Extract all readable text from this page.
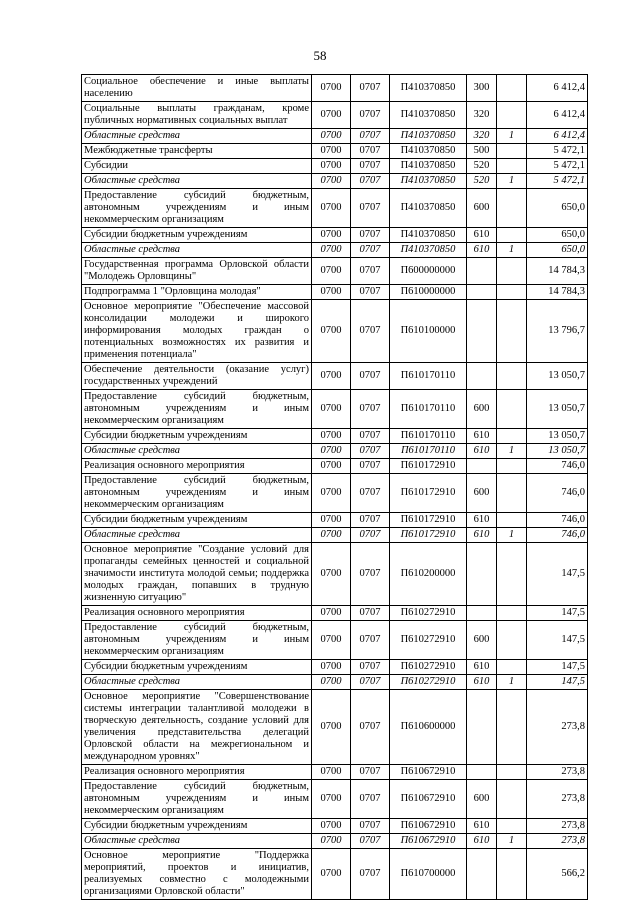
58
Социальное обеспечение и иные выплаты населению	0700	0707	П410370850	300		6 412,4
Социальные выплаты гражданам, кроме публичных нормативных социальных выплат	0700	0707	П410370850	320		6 412,4
Областные средства	0700	0707	П410370850	320	1	6 412,4
Межбюджетные трансферты	0700	0707	П410370850	500		5 472,1
Субсидии	0700	0707	П410370850	520		5 472,1
Областные средства	0700	0707	П410370850	520	1	5 472,1
Предоставление субсидий бюджетным, автономным учреждениям и иным некоммерческим организациям	0700	0707	П410370850	600		650,0
Субсидии бюджетным учреждениям	0700	0707	П410370850	610		650,0
Областные средства	0700	0707	П410370850	610	1	650,0
Государственная программа Орловской области "Молодежь Орловщины"	0700	0707	П600000000			14 784,3
Подпрограмма 1 "Орловщина молодая"	0700	0707	П610000000			14 784,3
Основное мероприятие "Обеспечение массовой консолидации молодежи и широкого информирования молодых граждан о потенциальных возможностях их развития и применения потенциала"	0700	0707	П610100000			13 796,7
Обеспечение деятельности (оказание услуг) государственных учреждений	0700	0707	П610170110			13 050,7
Предоставление субсидий бюджетным, автономным учреждениям и иным некоммерческим организациям	0700	0707	П610170110	600		13 050,7
Субсидии бюджетным учреждениям	0700	0707	П610170110	610		13 050,7
Областные средства	0700	0707	П610170110	610	1	13 050,7
Реализация основного мероприятия	0700	0707	П610172910			746,0
Предоставление субсидий бюджетным, автономным учреждениям и иным некоммерческим организациям	0700	0707	П610172910	600		746,0
Субсидии бюджетным учреждениям	0700	0707	П610172910	610		746,0
Областные средства	0700	0707	П610172910	610	1	746,0
Основное мероприятие "Создание условий для пропаганды семейных ценностей и социальной значимости института молодой семьи; поддержка молодых граждан, попавших в трудную жизненную ситуацию"	0700	0707	П610200000			147,5
Реализация основного мероприятия	0700	0707	П610272910			147,5
Предоставление субсидий бюджетным, автономным учреждениям и иным некоммерческим организациям	0700	0707	П610272910	600		147,5
Субсидии бюджетным учреждениям	0700	0707	П610272910	610		147,5
Областные средства	0700	0707	П610272910	610	1	147,5
Основное мероприятие "Совершенствование системы интеграции талантливой молодежи в творческую деятельность, создание условий для увеличения представительства делегаций Орловской области на межрегиональном и международном уровнях"	0700	0707	П610600000			273,8
Реализация основного мероприятия	0700	0707	П610672910			273,8
Предоставление субсидий бюджетным, автономным учреждениям и иным некоммерческим организациям	0700	0707	П610672910	600		273,8
Субсидии бюджетным учреждениям	0700	0707	П610672910	610		273,8
Областные средства	0700	0707	П610672910	610	1	273,8
Основное мероприятие "Поддержка мероприятий, проектов и инициатив, реализуемых совместно с молодежными организациями Орловской области"	0700	0707	П610700000			566,2
